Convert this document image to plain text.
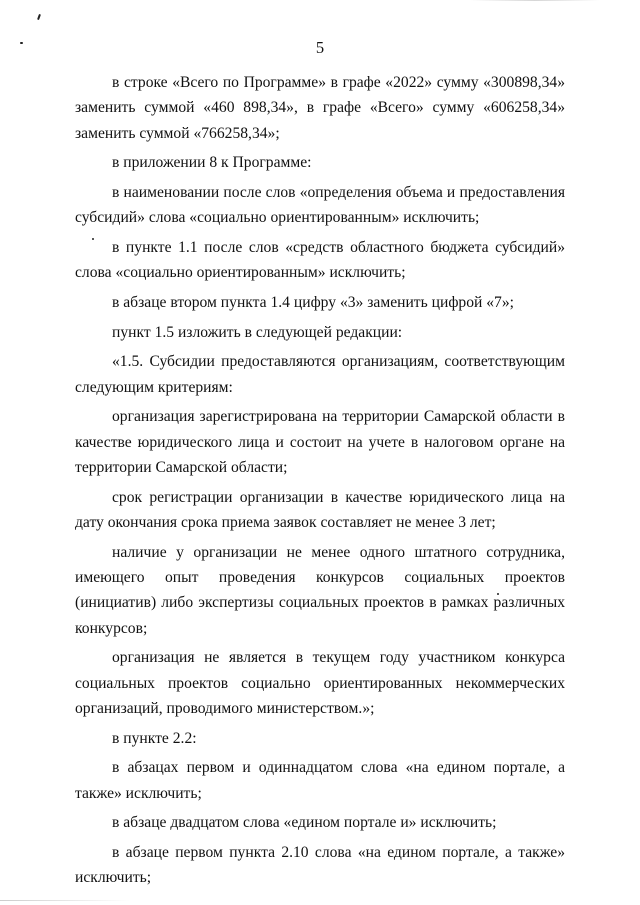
5

в строке «Всего по Программе» в графе «2022» сумму «300898,34» заменить суммой «460 898,34», в графе «Всего» сумму «606258,34» заменить суммой «766258,34»;

в приложении 8 к Программе:

в наименовании после слов «определения объема и предоставления субсидий» слова «социально ориентированным» исключить;

в пункте 1.1 после слов «средств областного бюджета субсидий» слова «социально ориентированным» исключить;

в абзаце втором пункта 1.4 цифру «3» заменить цифрой «7»;

пункт 1.5 изложить в следующей редакции:

«1.5. Субсидии предоставляются организациям, соответствующим следующим критериям:

организация зарегистрирована на территории Самарской области в качестве юридического лица и состоит на учете в налоговом органе на территории Самарской области;

срок регистрации организации в качестве юридического лица на дату окончания срока приема заявок составляет не менее 3 лет;

наличие у организации не менее одного штатного сотрудника, имеющего опыт проведения конкурсов социальных проектов (инициатив) либо экспертизы социальных проектов в рамках различных конкурсов;

организация не является в текущем году участником конкурса социальных проектов социально ориентированных некоммерческих организаций, проводимого министерством.»;

в пункте 2.2:

в абзацах первом и одиннадцатом слова «на едином портале, а также» исключить;

в абзаце двадцатом слова «едином портале и» исключить;

в абзаце первом пункта 2.10 слова «на едином портале, а также» исключить;
